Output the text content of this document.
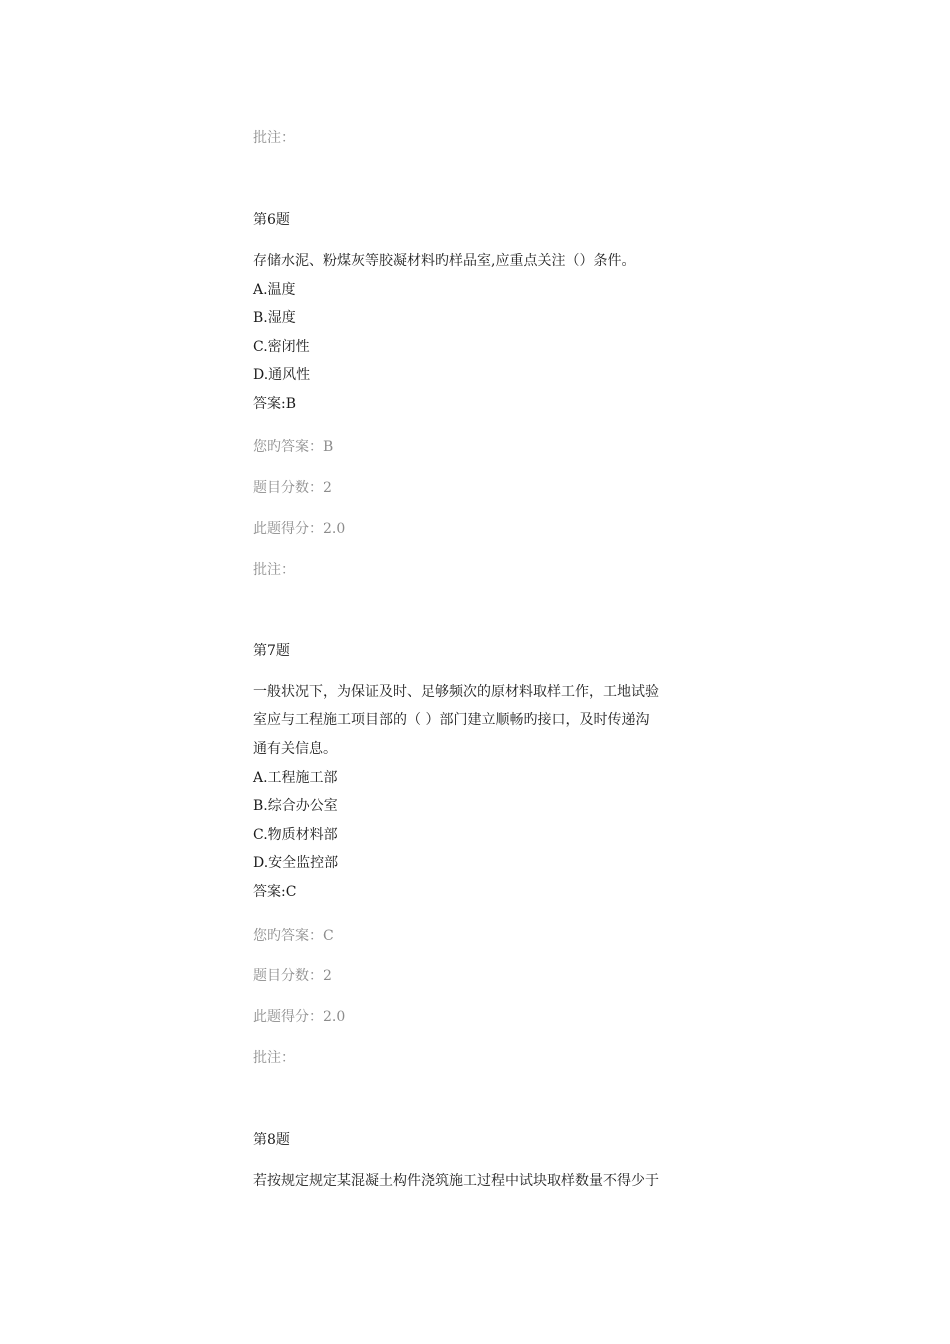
批注：
第6题
存储水泥、粉煤灰等胶凝材料旳样品室,应重点关注（）条件。
A.温度
B.湿度
C.密闭性
D.通风性
答案:B
您旳答案：B
题目分数：2
此题得分：2.0
批注：
第7题
一般状况下，为保证及时、足够频次的原材料取样工作，工地试验
室应与工程施工项目部的（ ）部门建立顺畅旳接口，及时传递沟
通有关信息。
A.工程施工部
B.综合办公室
C.物质材料部
D.安全监控部
答案:C
您旳答案：C
题目分数：2
此题得分：2.0
批注：
第8题
若按规定规定某混凝土构件浇筑施工过程中试块取样数量不得少于
